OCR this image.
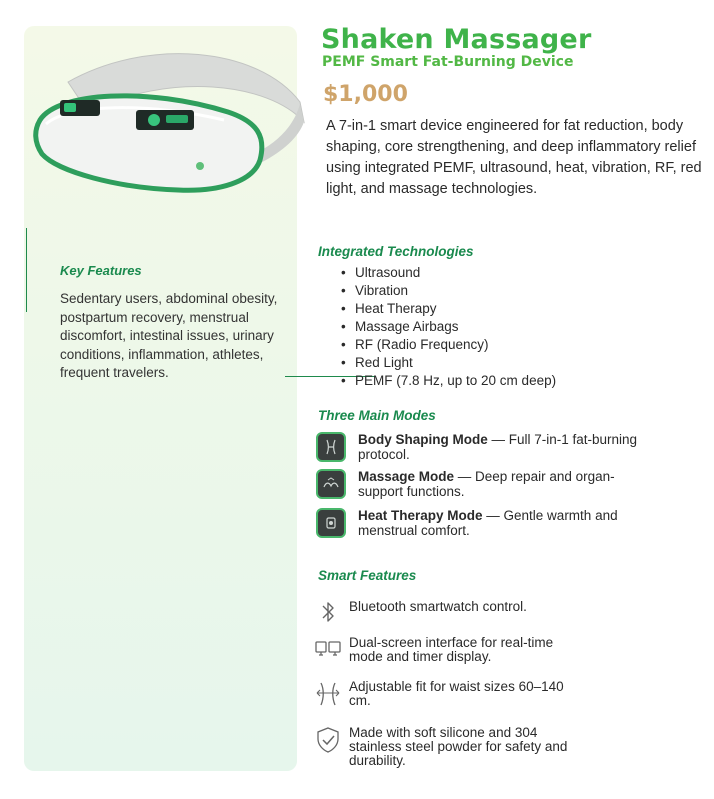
Key Features
Sedentary users, abdominal obesity, postpartum recovery, menstrual discomfort, intestinal issues, urinary conditions, inflammation, athletes, frequent travelers.
Shaken Massager
PEMF Smart Fat-Burning Device
$1,000
A 7-in-1 smart device engineered for fat reduction, body shaping, core strengthening, and deep inflammatory relief using integrated PEMF, ultrasound, heat, vibration, RF, red light, and massage technologies.
Integrated Technologies
• Ultrasound
• Vibration
• Heat Therapy
• Massage Airbags
• RF (Radio Frequency)
• Red Light
• PEMF (7.8 Hz, up to 20 cm deep)
Three Main Modes
Body Shaping Mode — Full 7-in-1 fat-burning protocol.
Massage Mode — Deep repair and organ-support functions.
Heat Therapy Mode — Gentle warmth and menstrual comfort.
Smart Features
Bluetooth smartwatch control.
Dual-screen interface for real-time mode and timer display.
Adjustable fit for waist sizes 60–140 cm.
Made with soft silicone and 304 stainless steel powder for safety and durability.
